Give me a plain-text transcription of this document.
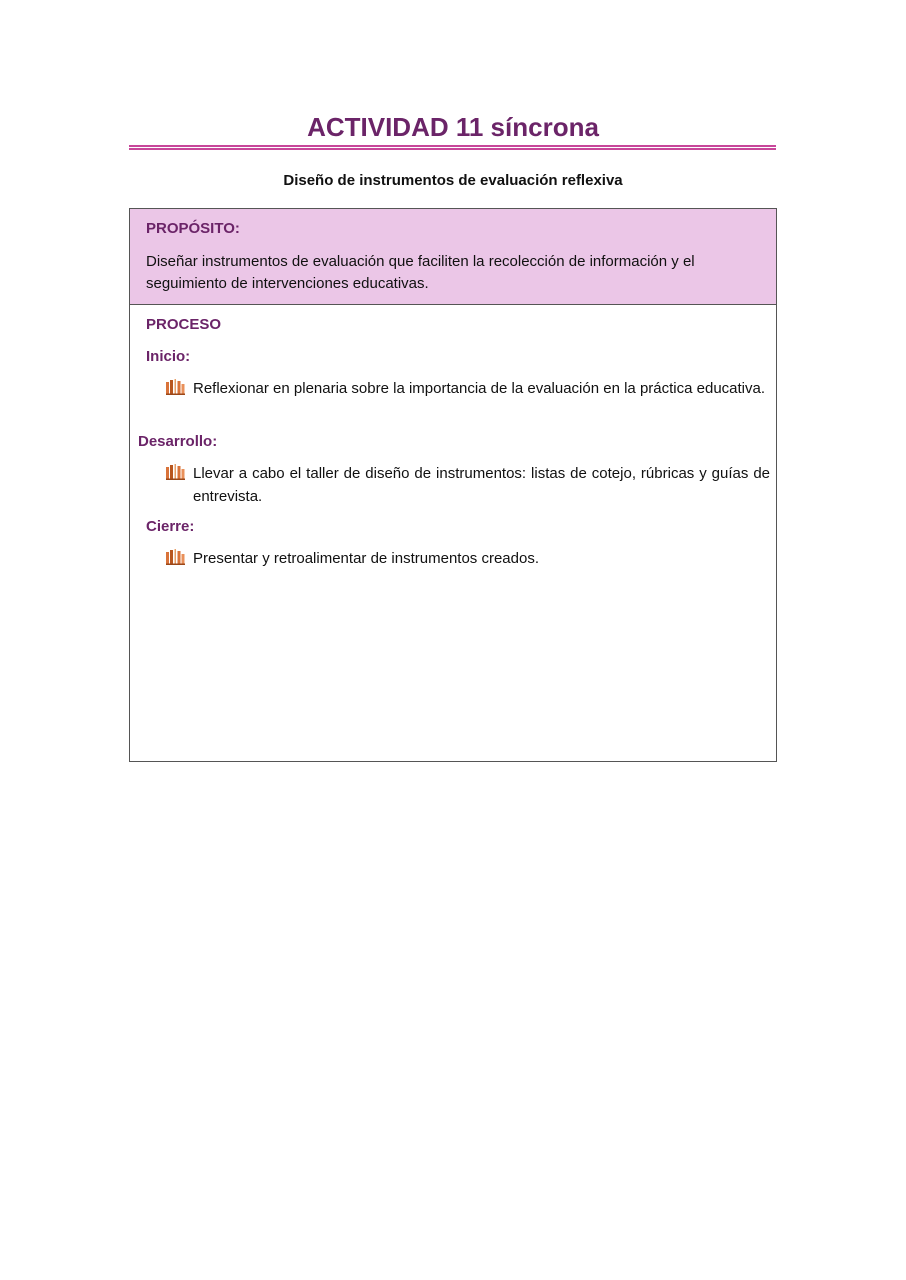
ACTIVIDAD 11 síncrona
Diseño de instrumentos de evaluación reflexiva
PROPÓSITO:
Diseñar instrumentos de evaluación que faciliten la recolección de información y el seguimiento de intervenciones educativas.
PROCESO
Inicio:
Reflexionar en plenaria sobre la importancia de la evaluación en la práctica educativa.
Desarrollo:
Llevar a cabo el taller de diseño de instrumentos: listas de cotejo, rúbricas y guías de entrevista.
Cierre:
Presentar y retroalimentar de instrumentos creados.
